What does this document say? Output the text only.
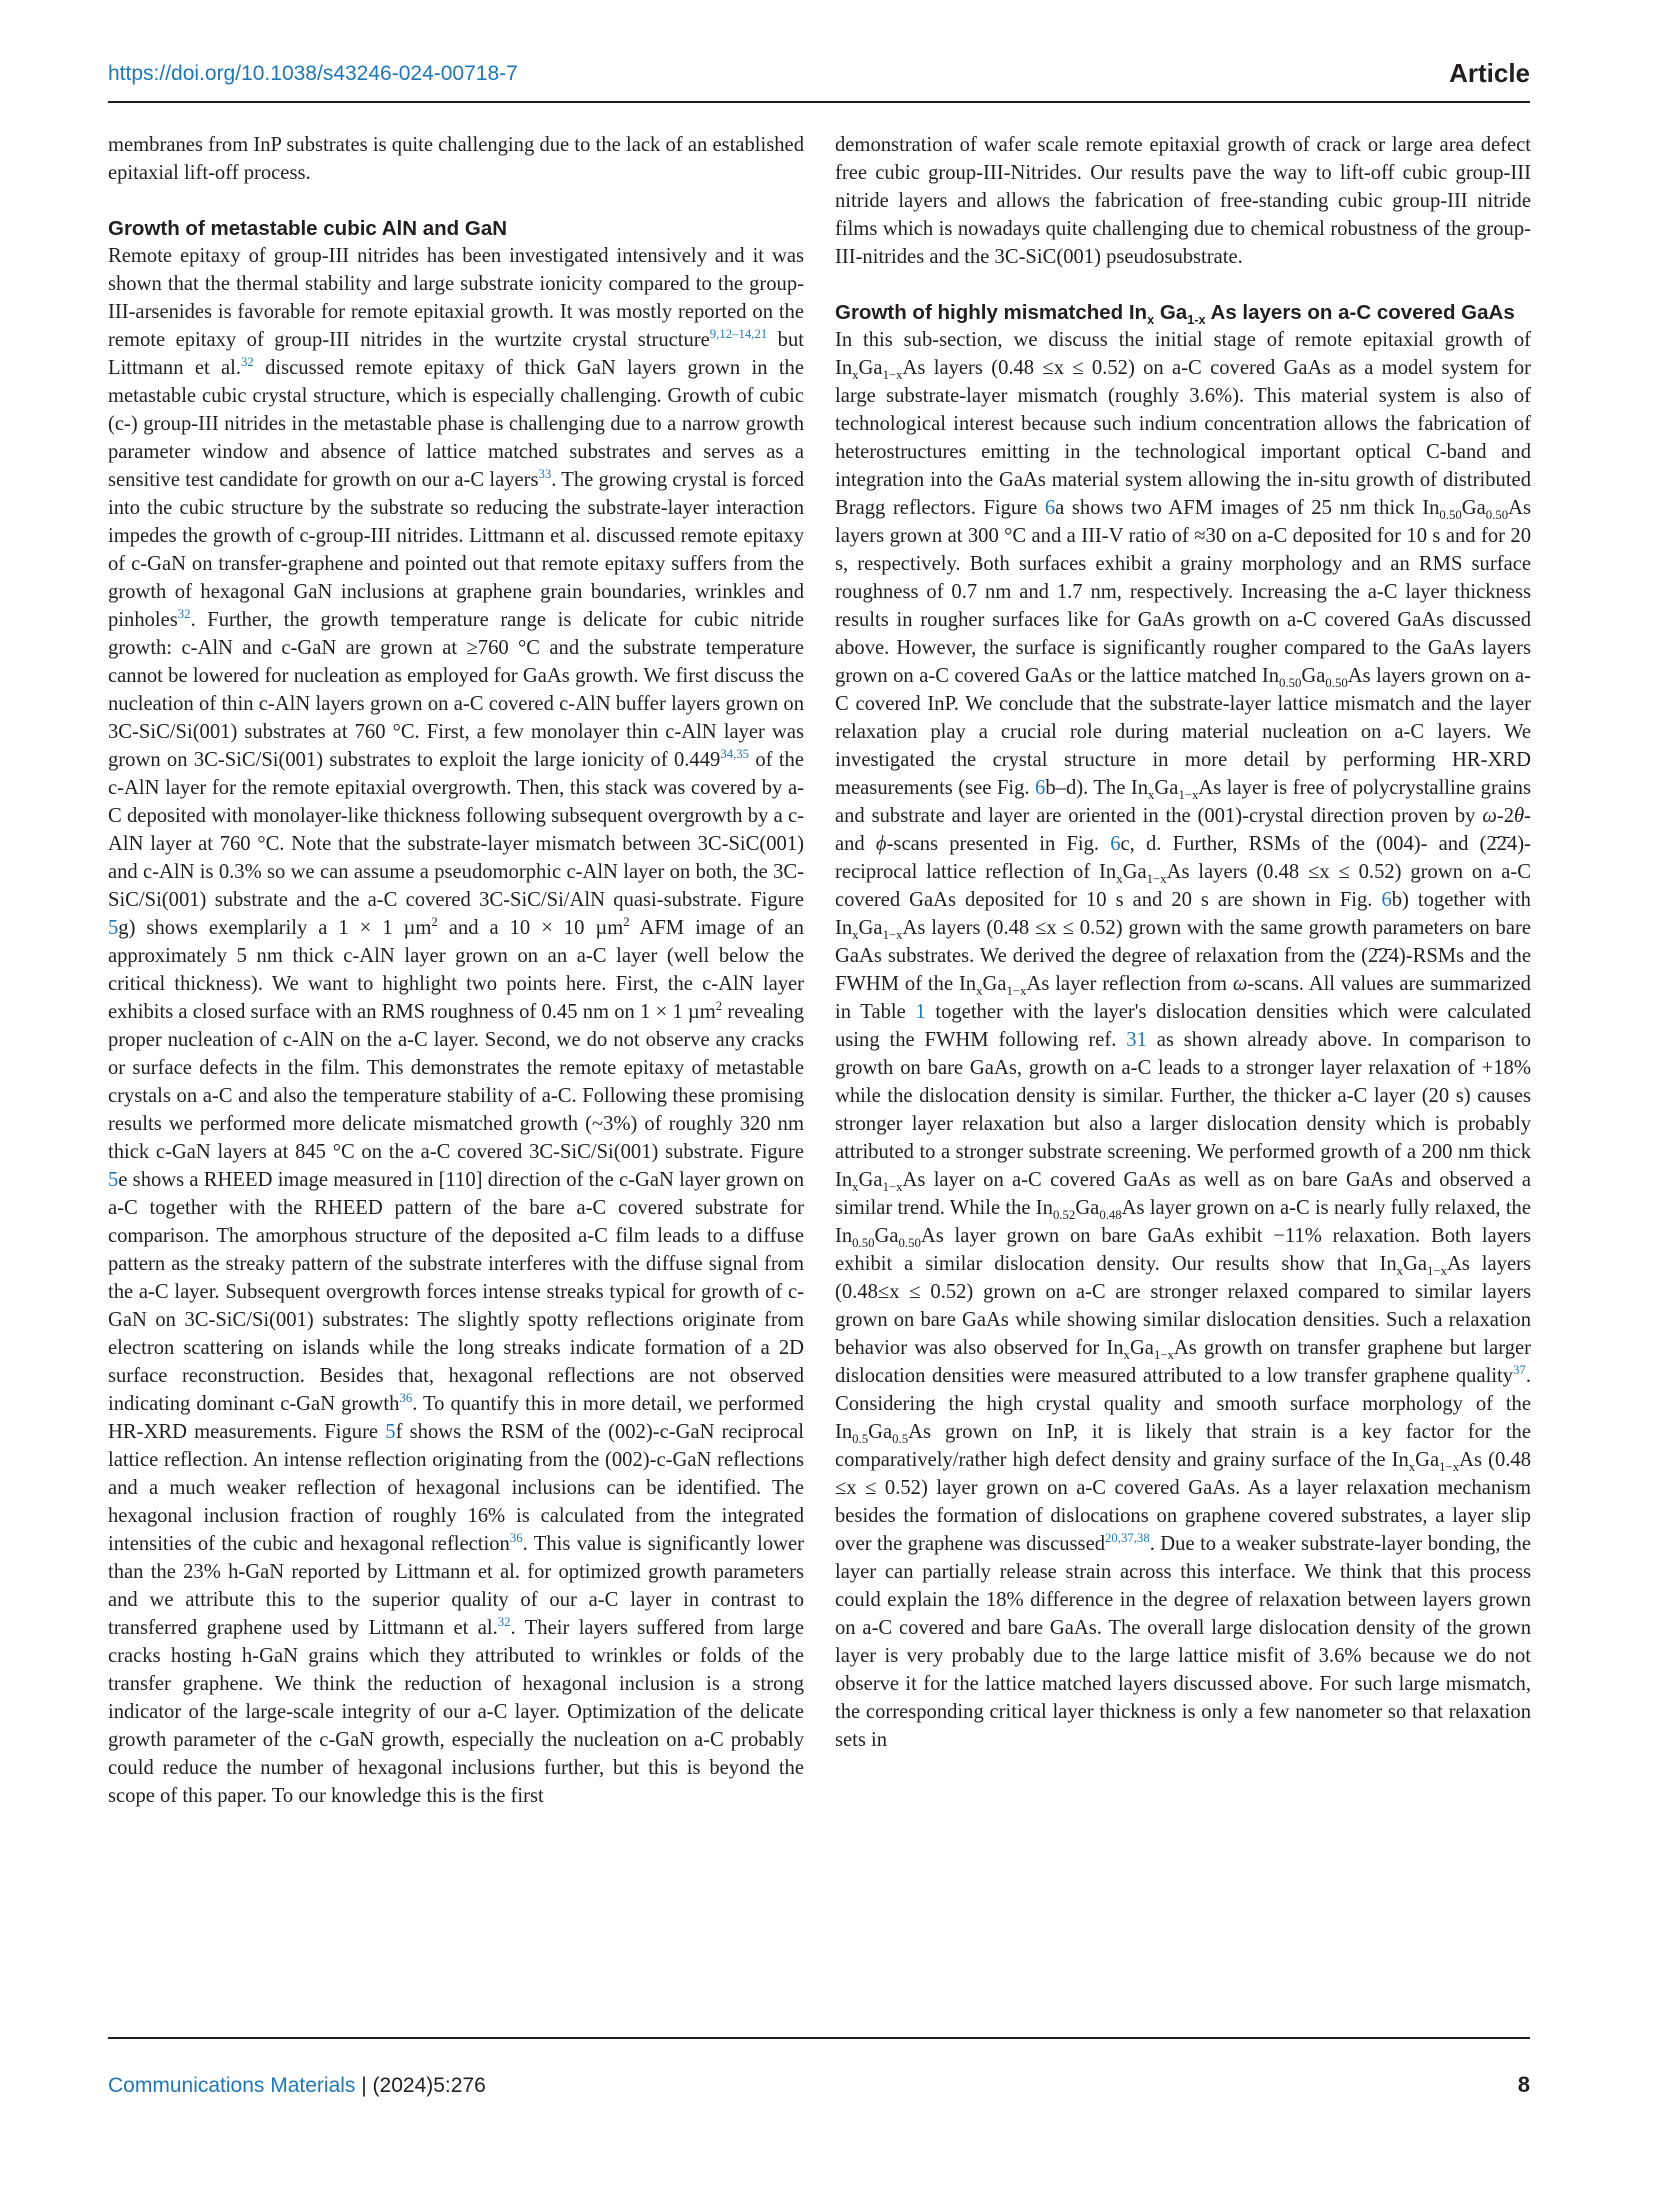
https://doi.org/10.1038/s43246-024-00718-7	Article

membranes from InP substrates is quite challenging due to the lack of an established epitaxial lift-off process.

Growth of metastable cubic AlN and GaN

Remote epitaxy of group-III nitrides has been investigated intensively and it was shown that the thermal stability and large substrate ionicity compared to the group-III-arsenides is favorable for remote epitaxial growth. It was mostly reported on the remote epitaxy of group-III nitrides in the wurtzite crystal structure$^{9,12-14,21}$ but Littmann et al.$^{32}$ discussed remote epitaxy of thick GaN layers grown in the metastable cubic crystal structure, which is especially challenging. Growth of cubic (c-) group-III nitrides in the metastable phase is challenging due to a narrow growth parameter window and absence of lattice matched substrates and serves as a sensitive test candidate for growth on our a-C layers$^{33}$. The growing crystal is forced into the cubic structure by the substrate so reducing the substrate-layer interaction impedes the growth of c-group-III nitrides. Littmann et al. discussed remote epitaxy of c-GaN on transfer-graphene and pointed out that remote epitaxy suffers from the growth of hexagonal GaN inclusions at graphene grain boundaries, wrinkles and pinholes$^{32}$. Further, the growth temperature range is delicate for cubic nitride growth: c-AlN and c-GaN are grown at ≥760 °C and the substrate temperature cannot be lowered for nucleation as employed for GaAs growth. We first discuss the nucleation of thin c-AlN layers grown on a-C covered c-AlN buffer layers grown on 3C-SiC/Si(001) substrates at 760 °C. First, a few monolayer thin c-AlN layer was grown on 3C-SiC/Si(001) substrates to exploit the large ionicity of 0.449$^{34,35}$ of the c-AlN layer for the remote epitaxial overgrowth. Then, this stack was covered by a-C deposited with monolayer-like thickness following subsequent overgrowth by a c-AlN layer at 760 °C. Note that the substrate-layer mismatch between 3C-SiC(001) and c-AlN is 0.3% so we can assume a pseudomorphic c-AlN layer on both, the 3C-SiC/Si(001) substrate and the a-C covered 3C-SiC/Si/AlN quasi-substrate. Figure 5g) shows exemplarily a 1 × 1 µm$^2$ and a 10 × 10 µm$^2$ AFM image of an approximately 5 nm thick c-AlN layer grown on an a-C layer (well below the critical thickness). We want to highlight two points here. First, the c-AlN layer exhibits a closed surface with an RMS roughness of 0.45 nm on 1 × 1 µm$^2$ revealing proper nucleation of c-AlN on the a-C layer. Second, we do not observe any cracks or surface defects in the film. This demonstrates the remote epitaxy of metastable crystals on a-C and also the temperature stability of a-C. Following these promising results we performed more delicate mismatched growth (~3%) of roughly 320 nm thick c-GaN layers at 845 °C on the a-C covered 3C-SiC/Si(001) substrate. Figure 5e shows a RHEED image measured in [110] direction of the c-GaN layer grown on a-C together with the RHEED pattern of the bare a-C covered substrate for comparison. The amorphous structure of the deposited a-C film leads to a diffuse pattern as the streaky pattern of the substrate interferes with the diffuse signal from the a-C layer. Subsequent overgrowth forces intense streaks typical for growth of c-GaN on 3C-SiC/Si(001) substrates: The slightly spotty reflections originate from electron scattering on islands while the long streaks indicate formation of a 2D surface reconstruction. Besides that, hexagonal reflections are not observed indicating dominant c-GaN growth$^{36}$. To quantify this in more detail, we performed HR-XRD measurements. Figure 5f shows the RSM of the (002)-c-GaN reciprocal lattice reflection. An intense reflection originating from the (002)-c-GaN reflections and a much weaker reflection of hexagonal inclusions can be identified. The hexagonal inclusion fraction of roughly 16% is calculated from the integrated intensities of the cubic and hexagonal reflection$^{36}$. This value is significantly lower than the 23% h-GaN reported by Littmann et al. for optimized growth parameters and we attribute this to the superior quality of our a-C layer in contrast to transferred graphene used by Littmann et al.$^{32}$. Their layers suffered from large cracks hosting h-GaN grains which they attributed to wrinkles or folds of the transfer graphene. We think the reduction of hexagonal inclusion is a strong indicator of the large-scale integrity of our a-C layer. Optimization of the delicate growth parameter of the c-GaN growth, especially the nucleation on a-C probably could reduce the number of hexagonal inclusions further, but this is beyond the scope of this paper. To our knowledge this is the first

demonstration of wafer scale remote epitaxial growth of crack or large area defect free cubic group-III-Nitrides. Our results pave the way to lift-off cubic group-III nitride layers and allows the fabrication of free-standing cubic group-III nitride films which is nowadays quite challenging due to chemical robustness of the group-III-nitrides and the 3C-SiC(001) pseudosubstrate.

Growth of highly mismatched $In_x$ $Ga_{1-x}$ As layers on a-C covered GaAs

In this sub-section, we discuss the initial stage of remote epitaxial growth of $In_xGa_{1-x}As$ layers (0.48 ≤x ≤ 0.52) on a-C covered GaAs as a model system for large substrate-layer mismatch (roughly 3.6%). This material system is also of technological interest because such indium concentration allows the fabrication of heterostructures emitting in the technological important optical C-band and integration into the GaAs material system allowing the in-situ growth of distributed Bragg reflectors. Figure 6a shows two AFM images of 25 nm thick $In_{0.50}Ga_{0.50}As$ layers grown at 300 °C and a III-V ratio of ≈30 on a-C deposited for 10 s and for 20 s, respectively. Both surfaces exhibit a grainy morphology and an RMS surface roughness of 0.7 nm and 1.7 nm, respectively. Increasing the a-C layer thickness results in rougher surfaces like for GaAs growth on a-C covered GaAs discussed above. However, the surface is significantly rougher compared to the GaAs layers grown on a-C covered GaAs or the lattice matched $In_{0.50}Ga_{0.50}As$ layers grown on a-C covered InP. We conclude that the substrate-layer lattice mismatch and the layer relaxation play a crucial role during material nucleation on a-C layers. We investigated the crystal structure in more detail by performing HR-XRD measurements (see Fig. 6b–d). The $In_xGa_{1-x}As$ layer is free of polycrystalline grains and substrate and layer are oriented in the (001)-crystal direction proven by ω-2θ- and ϕ-scans presented in Fig. 6c, d. Further, RSMs of the (004)- and (2̄2̄4)- reciprocal lattice reflection of $In_xGa_{1-x}As$ layers (0.48 ≤x ≤ 0.52) grown on a-C covered GaAs deposited for 10 s and 20 s are shown in Fig. 6b) together with $In_xGa_{1-x}As$ layers (0.48 ≤x ≤ 0.52) grown with the same growth parameters on bare GaAs substrates. We derived the degree of relaxation from the (2̄2̄4)-RSMs and the FWHM of the $In_xGa_{1-x}As$ layer reflection from ω-scans. All values are summarized in Table 1 together with the layer's dislocation densities which were calculated using the FWHM following ref. 31 as shown already above. In comparison to growth on bare GaAs, growth on a-C leads to a stronger layer relaxation of +18% while the dislocation density is similar. Further, the thicker a-C layer (20 s) causes stronger layer relaxation but also a larger dislocation density which is probably attributed to a stronger substrate screening. We performed growth of a 200 nm thick $In_xGa_{1-x}As$ layer on a-C covered GaAs as well as on bare GaAs and observed a similar trend. While the $In_{0.52}Ga_{0.48}As$ layer grown on a-C is nearly fully relaxed, the $In_{0.50}Ga_{0.50}As$ layer grown on bare GaAs exhibit −11% relaxation. Both layers exhibit a similar dislocation density. Our results show that $In_xGa_{1-x}As$ layers (0.48≤x ≤ 0.52) grown on a-C are stronger relaxed compared to similar layers grown on bare GaAs while showing similar dislocation densities. Such a relaxation behavior was also observed for $In_xGa_{1-x}As$ growth on transfer graphene but larger dislocation densities were measured attributed to a low transfer graphene quality$^{37}$. Considering the high crystal quality and smooth surface morphology of the $In_{0.5}Ga_{0.5}As$ grown on InP, it is likely that strain is a key factor for the comparatively/rather high defect density and grainy surface of the $In_xGa_{1-x}As$ (0.48 ≤x ≤ 0.52) layer grown on a-C covered GaAs. As a layer relaxation mechanism besides the formation of dislocations on graphene covered substrates, a layer slip over the graphene was discussed$^{20,37,38}$. Due to a weaker substrate-layer bonding, the layer can partially release strain across this interface. We think that this process could explain the 18% difference in the degree of relaxation between layers grown on a-C covered and bare GaAs. The overall large dislocation density of the grown layer is very probably due to the large lattice misfit of 3.6% because we do not observe it for the lattice matched layers discussed above. For such large mismatch, the corresponding critical layer thickness is only a few nanometer so that relaxation sets in

Communications Materials | (2024)5:276	8
